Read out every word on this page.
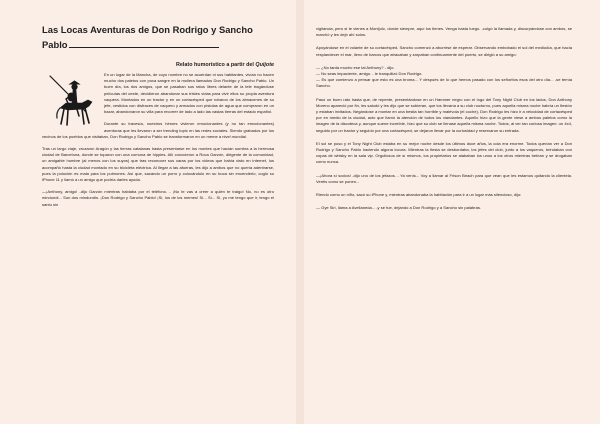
Las Locas Aventuras de Don Rodrigo y Sancho
Pablo
Relato humorístico a partir del Quijote

En un lugar de la Mancha, de cuyo nombre no se acuerdan ni sus habitantes, vivían no hacen mucho dos paletos con poca sangre en la mollera llamados Don Rodrigo y Sancho Pablo. Un buen día, los dos amigos, que se pasaban sus ratos libres delante de la tele tragándose películas del oeste, decidieron abandonar sus tristes vidas para vivir ellos su propia aventura vaquera. Montados en un tractor y en un cortacésped que robaron de los almacenes de su jefe, vestidos con disfraces de vaquero y armados con pistolas de agua que compraron en un bazar, abandonaron su villa para recorrer de lado a lado las vastas tierras del estado español.

Durante su travesía, nuestros héroes vivieron emocionantes (y no tan emocionantes) aventuras que les llevaron a ser trending topic en las redes sociales. Siendo grabados por los vecinos de los pueblos que visitaban, Don Rodrigo y Sancho Pablo se transformaron en un meme a nivel mundial.

Tras un largo viaje, cruzaron Aragón y las tierras catalanas hasta presentarse en los montes que hacían sombra a la hermosa ciudad de Barcelona, donde se toparon con una comuna de hippies. Allí conocieron a Roca Garzón, dirigente de la comunidad, un amigable hombre (al menos con los suyos) que tras reconocer sus caras por los videos que había visto en internet, los acompañó hasta la ciudad montado en su bicicleta eléctrica. Al llegar a las afueras, les dijo a ambos que no quería adentrarse, pues la polución es mala para los pulmones. Así que, sacando un porro y colocándolo en su boca sin encenderlo, cogió su iPhone 11 y llamó a un amigo que podría darles ayuda.

—¡Anthony, amigo! -dijo Garzón mientras hablaba por el teléfono. - ¡No te vas a creer a quién te traigo! No, no es otro mindundi... Son dos mindundis. ¡Don Rodrigo y Sancho Pablo! ¡Sí, los de los memes! Sí... Sí... Sí, yo me tengo que ir, tengo el santu sin

vigilancia, pero si te vienes a Montjuïc, donde siempre, aquí los tienes. Venga hasta luego. -colgó la llamada y, discurpándose con ambos, se marchó y les dejó ahí solos.

Apoyándose en el volante de su cortacésped, Sancho comenzó a aburrirse de esperar. Observando embobado el sol del mediodía, que hacía resplandecer el mar, lleno de barcos que atracaban y zarpaban continuamente del puerto, se dirigió a su amigo:

— ¿No tarda mucho ese tal Anthony? - dijo.
— No seas impaciente, amigo. - le tranquilizó Don Rodrigo.
— Es que comienzo a pensar que esto es una broma... Y después de lo que hemos pasado con los señoritos esos del otro día... -se temía Sancho.

Pasó un buen rato hasta que, de repente, presentándose en un Hammer negro con el logo del Tony Night Club en los lados, Don Anthony Moreno apareció por fin, les saludó y les dijo que se subieran, que los llevaría a su club nocturno, pues aquella misma noche habría un fiestón y estaban invitados. Negándose a montar en una bestia tan horrible y malévola (el coche), Don Rodrigo les hizo ir a velocidad de cortacésped por en medio de la ciudad, acto que llamó la atención de todos los viandantes. Aquello hizo que la gente viese a ambos paletos como la imagen de la discoteca y, aunque suene increíble, hizo que su club se llenase aquella misma noche. Todos, al ver tan curiosa imagen: un 4x4, seguido por un tractor y seguido por una cortacésped, se dejaron llevar por la curiosidad y reservaron su entrada.

El sol se puso y el Tony Night Club estaba en su mejor noche desde los últimos doce años, la cola era enorme. Todos querían ver a Don Rodrigo y Sancho Pablo haciendo alguna locura. Mientras la fiesta se desbordaba, los jefes del club, junto a los vaqueros, brindaban con copas de whisky en la sala vip. Orgullosos de sí mismos, los propietarios se alababan los unos a los otros mientras bebían y se drogaban como nunca.

—¡Ahora sí socios! -dijo uno de los jefazos. - Ya venís... Voy a llamar al Frison Beach para que vean que les estamos quitando la clientela. Veréis como se ponen...

Riendo como un niño, sacó su iPhone y, mientras abandonaba la habitación para ir a un lugar más silencioso, dijo:

— Oye Siri, llama a Avellaneda... -y se fue, dejando a Don Rodrigo y a Sancho sin palabras.
